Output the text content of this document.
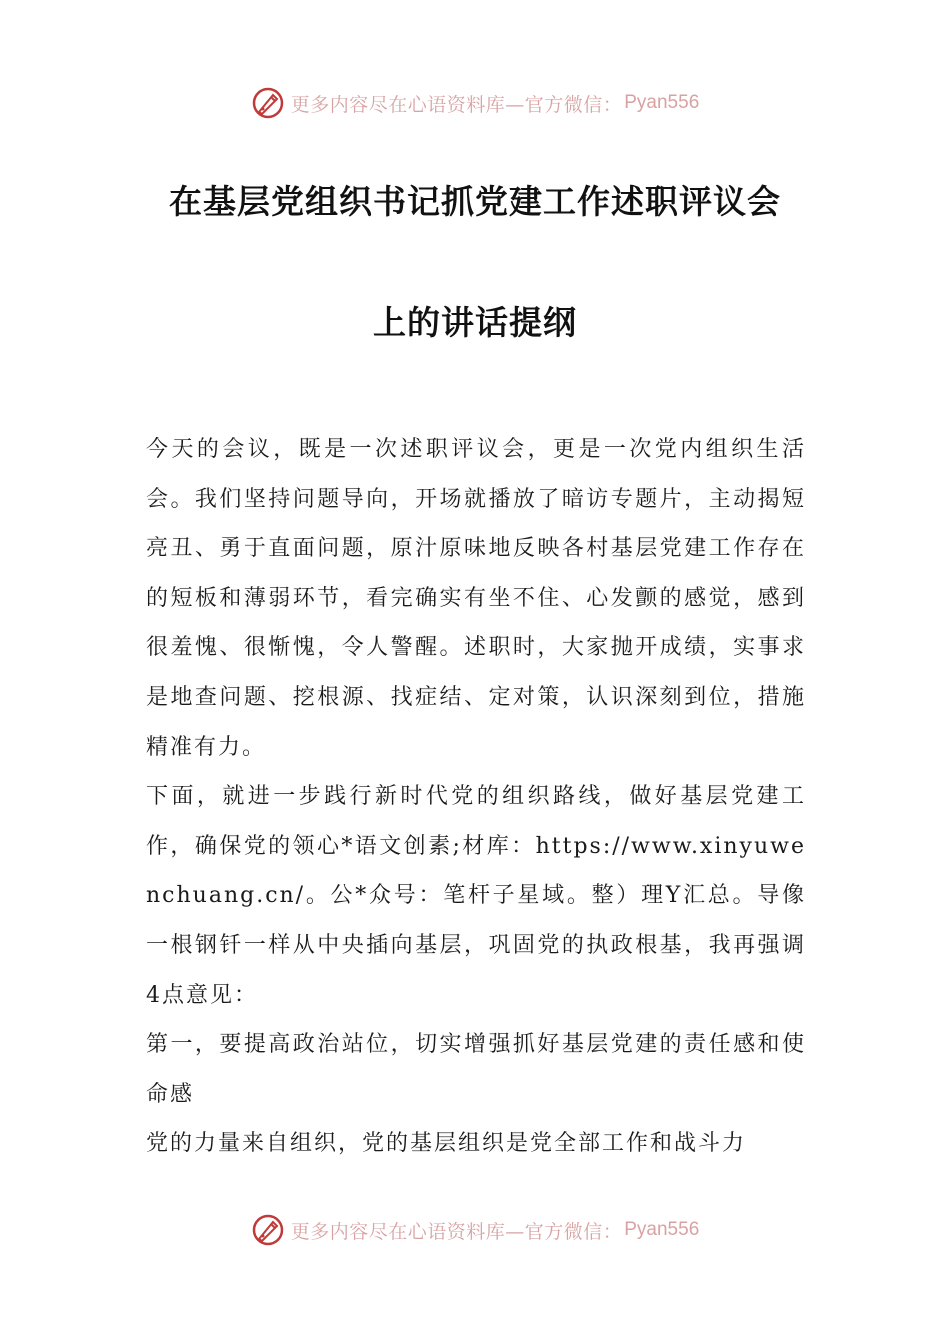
更多内容尽在心语资料库—官方微信： Pyan556
在基层党组织书记抓党建工作述职评议会
上的讲话提纲

今天的会议，既是一次述职评议会，更是一次党内组织生活会。我们坚持问题导向，开场就播放了暗访专题片，主动揭短亮丑、勇于直面问题，原汁原味地反映各村基层党建工作存在的短板和薄弱环节，看完确实有坐不住、心发颤的感觉，感到很羞愧、很惭愧，令人警醒。述职时，大家抛开成绩，实事求是地查问题、挖根源、找症结、定对策，认识深刻到位，措施精准有力。

下面，就进一步践行新时代党的组织路线，做好基层党建工作，确保党的领心*语文创素;材库：https://www.xinyuwenchuang.cn/。公*众号：笔杆子星域。整）理Y汇总。导像一根钢钎一样从中央插向基层，巩固党的执政根基，我再强调4点意见：

第一，要提高政治站位，切实增强抓好基层党建的责任感和使命感

党的力量来自组织，党的基层组织是党全部工作和战斗力

更多内容尽在心语资料库—官方微信： Pyan556
